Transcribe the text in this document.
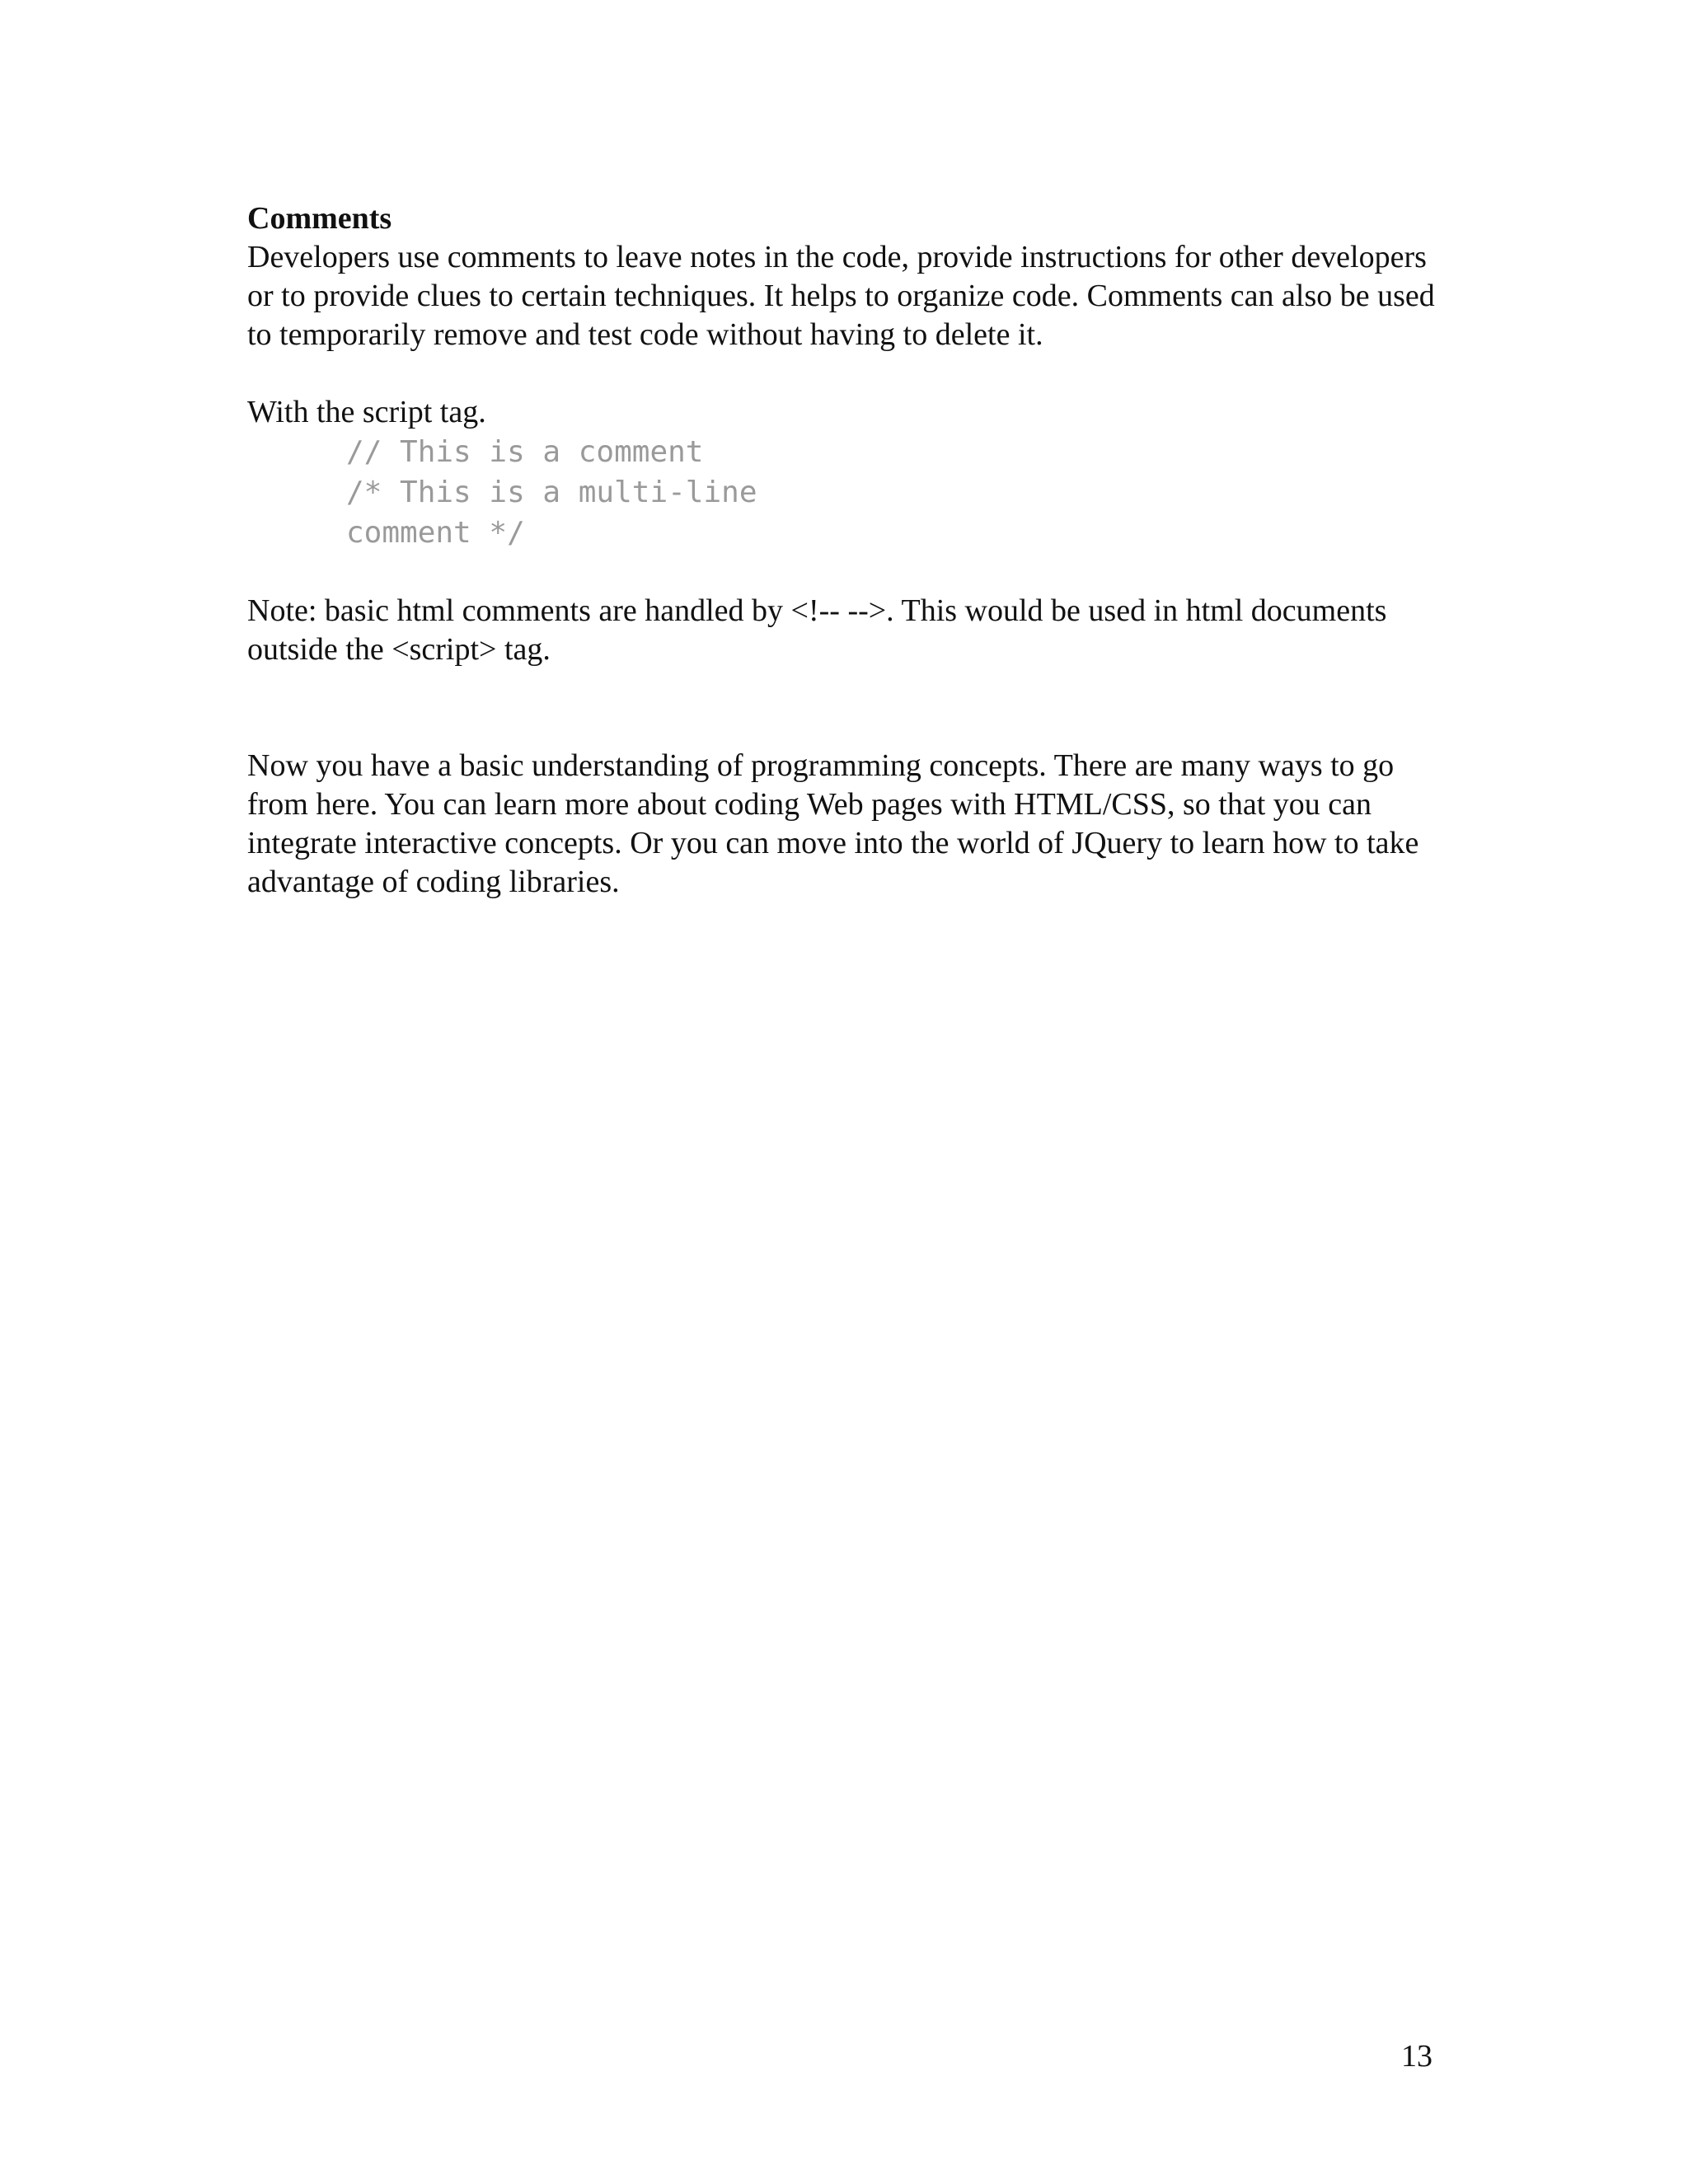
Comments

Developers use comments to leave notes in the code, provide instructions for other developers or to provide clues to certain techniques. It helps to organize code. Comments can also be used to temporarily remove and test code without having to delete it.

With the script tag.

// This is a comment
/* This is a multi-line
comment */

Note: basic html comments are handled by <!-- -->. This would be used in html documents outside the <script> tag.

Now you have a basic understanding of programming concepts. There are many ways to go from here. You can learn more about coding Web pages with HTML/CSS, so that you can integrate interactive concepts. Or you can move into the world of JQuery to learn how to take advantage of coding libraries.

13
